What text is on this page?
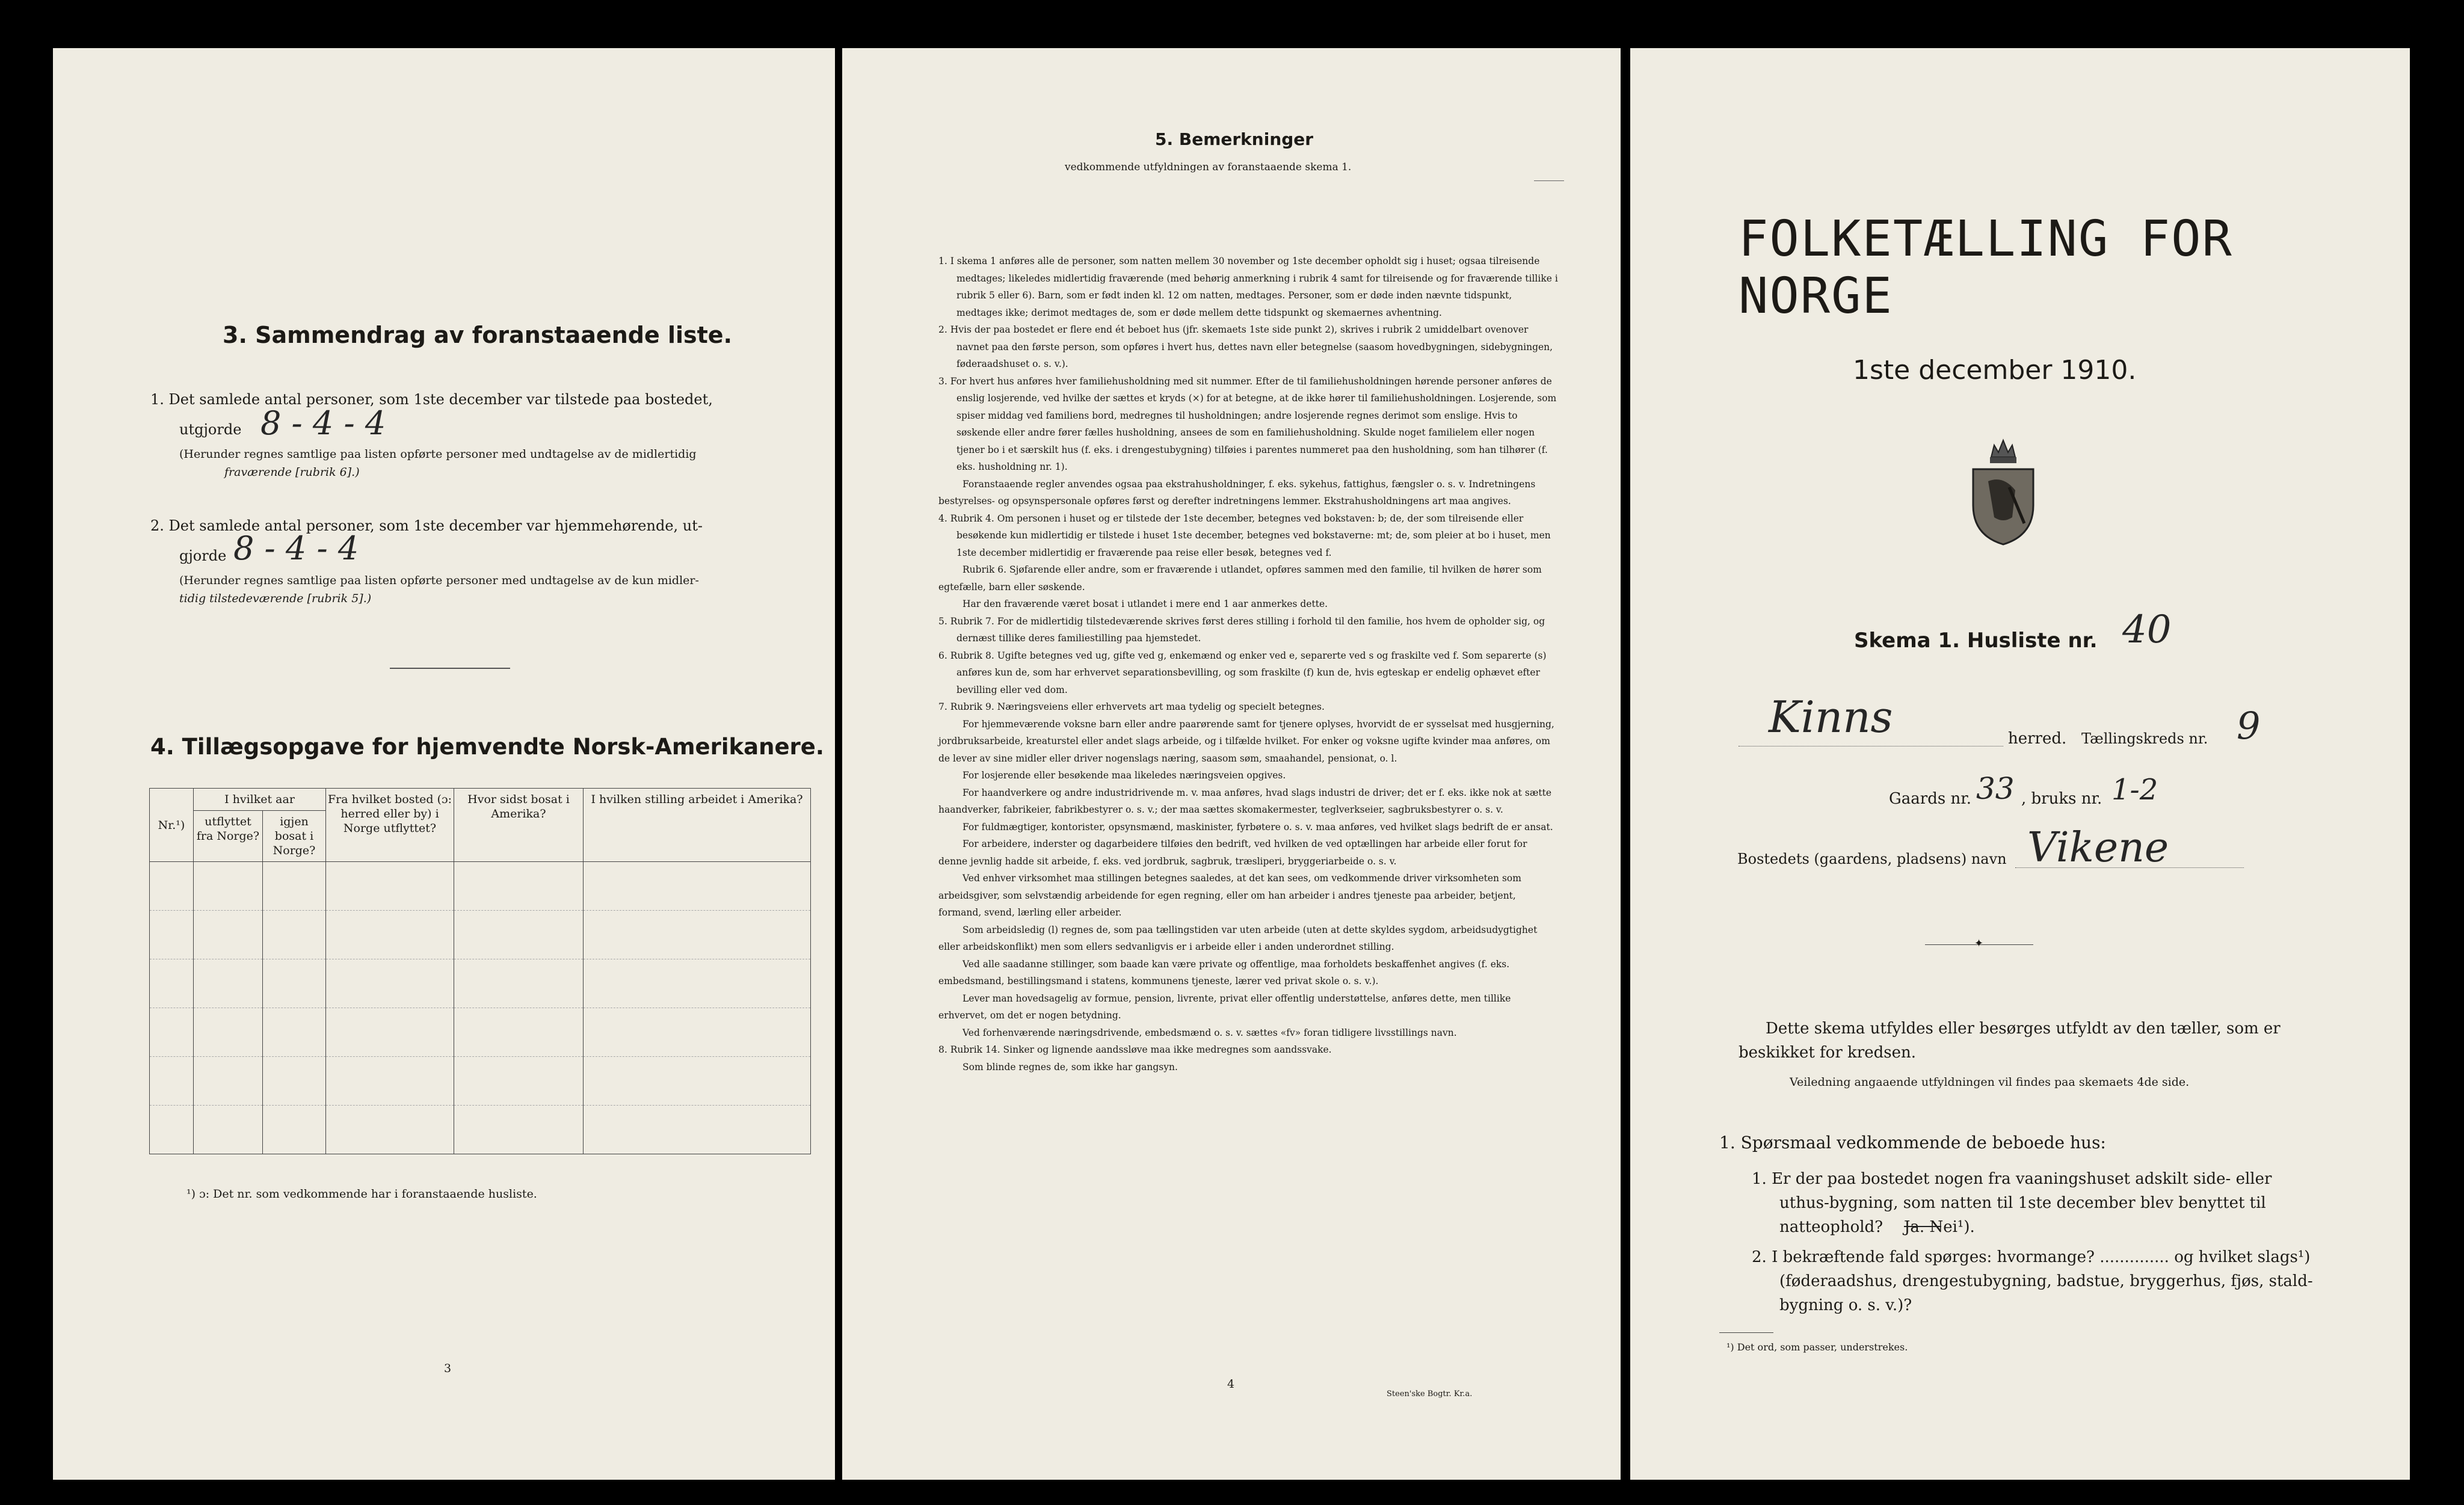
3. Sammendrag av foranstaaende liste.
1. Det samlede antal personer, som 1ste december var tilstede paa bostedet,
utgjorde 8 - 4 - 4
(Herunder regnes samtlige paa listen opførte personer med undtagelse av de midlertidig
fraværende [rubrik 6].)
2. Det samlede antal personer, som 1ste december var hjemmehørende, ut-
gjorde 8 - 4 - 4
(Herunder regnes samtlige paa listen opførte personer med undtagelse av de kun midler-
tidig tilstedeværende [rubrik 5].)
4. Tillægsopgave for hjemvendte Norsk-Amerikanere.
Nr.¹)	I hvilket aar		Fra hvilket bosted (ɔ: herred eller by) i Norge utflyttet?	Hvor sidst bosat i Amerika?	I hvilken stilling arbeidet i Amerika?
	utflyttet fra Norge?	igjen bosat i Norge?			

¹) ɔ: Det nr. som vedkommende har i foranstaaende husliste.
3
5. Bemerkninger
vedkommende utfyldningen av foranstaaende skema 1.

1. I skema 1 anføres alle de personer, som natten mellem 30 november og 1ste december opholdt sig i huset; ogsaa tilreisende medtages; likeledes midlertidig fraværende (med behørig anmerkning i rubrik 4 samt for tilreisende og for fraværende tillike i rubrik 5 eller 6). Barn, som er født inden kl. 12 om natten, medtages. Personer, som er døde inden nævnte tidspunkt, medtages ikke; derimot medtages de, som er døde mellem dette tidspunkt og skemaernes avhentning.

2. Hvis der paa bostedet er flere end ét beboet hus (jfr. skemaets 1ste side punkt 2), skrives i rubrik 2 umiddelbart ovenover navnet paa den første person, som opføres i hvert hus, dettes navn eller betegnelse (saasom hovedbygningen, sidebygningen, føderaadshuset o. s. v.).

3. For hvert hus anføres hver familiehusholdning med sit nummer. Efter de til familiehusholdningen hørende personer anføres de enslig losjerende, ved hvilke der sættes et kryds (×) for at betegne, at de ikke hører til familiehusholdningen. Losjerende, som spiser middag ved familiens bord, medregnes til husholdningen; andre losjerende regnes derimot som enslige. Hvis to søskende eller andre fører fælles husholdning, ansees de som en familiehusholdning. Skulde noget familielem eller nogen tjener bo i et særskilt hus (f. eks. i drengestubygning) tilføies i parentes nummeret paa den husholdning, som han tilhører (f. eks. husholdning nr. 1).

Foranstaaende regler anvendes ogsaa paa ekstrahusholdninger, f. eks. sykehus, fattighus, fængsler o. s. v. Indretningens bestyrelses- og opsynspersonale opføres først og derefter indretningens lemmer. Ekstrahusholdningens art maa angives.

4. Rubrik 4. Om personen i huset og er tilstede der 1ste december, betegnes ved bokstaven: b; de, der som tilreisende eller besøkende kun midlertidig er tilstede i huset 1ste december, betegnes ved bokstaverne: mt; de, som pleier at bo i huset, men 1ste december midlertidig er fraværende paa reise eller besøk, betegnes ved f.

Rubrik 6. Sjøfarende eller andre, som er fraværende i utlandet, opføres sammen med den familie, til hvilken de hører som egtefælle, barn eller søskende.

Har den fraværende været bosat i utlandet i mere end 1 aar anmerkes dette.

5. Rubrik 7. For de midlertidig tilstedeværende skrives først deres stilling i forhold til den familie, hos hvem de opholder sig, og dernæst tillike deres familiestilling paa hjemstedet.

6. Rubrik 8. Ugifte betegnes ved ug, gifte ved g, enkemænd og enker ved e, separerte ved s og fraskilte ved f. Som separerte (s) anføres kun de, som har erhvervet separationsbevilling, og som fraskilte (f) kun de, hvis egteskap er endelig ophævet efter bevilling eller ved dom.

7. Rubrik 9. Næringsveiens eller erhvervets art maa tydelig og specielt betegnes.

For hjemmeværende voksne barn eller andre paarørende samt for tjenere oplyses, hvorvidt de er sysselsat med husgjerning, jordbruksarbeide, kreaturstel eller andet slags arbeide, og i tilfælde hvilket. For enker og voksne ugifte kvinder maa anføres, om de lever av sine midler eller driver nogenslags næring, saasom søm, smaahandel, pensionat, o. l.

For losjerende eller besøkende maa likeledes næringsveien opgives.

For haandverkere og andre industridrivende m. v. maa anføres, hvad slags industri de driver; det er f. eks. ikke nok at sætte haandverker, fabrikeier, fabrikbestyrer o. s. v.; der maa sættes skomakermester, teglverkseier, sagbruksbestyrer o. s. v.

For fuldmægtiger, kontorister, opsynsmænd, maskinister, fyrbøtere o. s. v. maa anføres, ved hvilket slags bedrift de er ansat.

For arbeidere, inderster og dagarbeidere tilføies den bedrift, ved hvilken de ved optællingen har arbeide eller forut for denne jevnlig hadde sit arbeide, f. eks. ved jordbruk, sagbruk, træsliperi, bryggeriarbeide o. s. v.

Ved enhver virksomhet maa stillingen betegnes saaledes, at det kan sees, om vedkommende driver virksomheten som arbeidsgiver, som selvstændig arbeidende for egen regning, eller om han arbeider i andres tjeneste paa arbeider, betjent, formand, svend, lærling eller arbeider.

Som arbeidsledig (l) regnes de, som paa tællingstiden var uten arbeide (uten at dette skyldes sygdom, arbeidsudygtighet eller arbeidskonflikt) men som ellers sedvanligvis er i arbeide eller i anden underordnet stilling.

Ved alle saadanne stillinger, som baade kan være private og offentlige, maa forholdets beskaffenhet angives (f. eks. embedsmand, bestillingsmand i statens, kommunens tjeneste, lærer ved privat skole o. s. v.).

Lever man hovedsagelig av formue, pension, livrente, privat eller offentlig understøttelse, anføres dette, men tillike erhvervet, om det er nogen betydning.

Ved forhenværende næringsdrivende, embedsmænd o. s. v. sættes «fv» foran tidligere livsstillings navn.

8. Rubrik 14. Sinker og lignende aandssløve maa ikke medregnes som aandssvake.

Som blinde regnes de, som ikke har gangsyn.

4
Steen'ske Bogtr. Kr.a.
FOLKETÆLLING FOR NORGE
1ste december 1910.
Skema 1. Husliste nr. 40
Kinns	herred. Tællingskreds nr. 9
Gaards nr. 33 , bruks nr. 1-2
Bostedets (gaardens, pladsens) navn Vikene
✦
Dette skema utfyldes eller besørges utfyldt av den tæller, som er
beskikket for kredsen.
Veiledning angaaende utfyldningen vil findes paa skemaets 4de side.
1. Spørsmaal vedkommende de beboede hus:
1. Er der paa bostedet nogen fra vaaningshuset adskilt side- eller
uthus-bygning, som natten til 1ste december blev benyttet til
natteophold? Ja. Nei¹).
2. I bekræftende fald spørges: hvormange? .............. og hvilket slags¹)
(føderaadshus, drengestubygning, badstue, bryggerhus, fjøs, stald-
bygning o. s. v.)?
¹) Det ord, som passer, understrekes.
